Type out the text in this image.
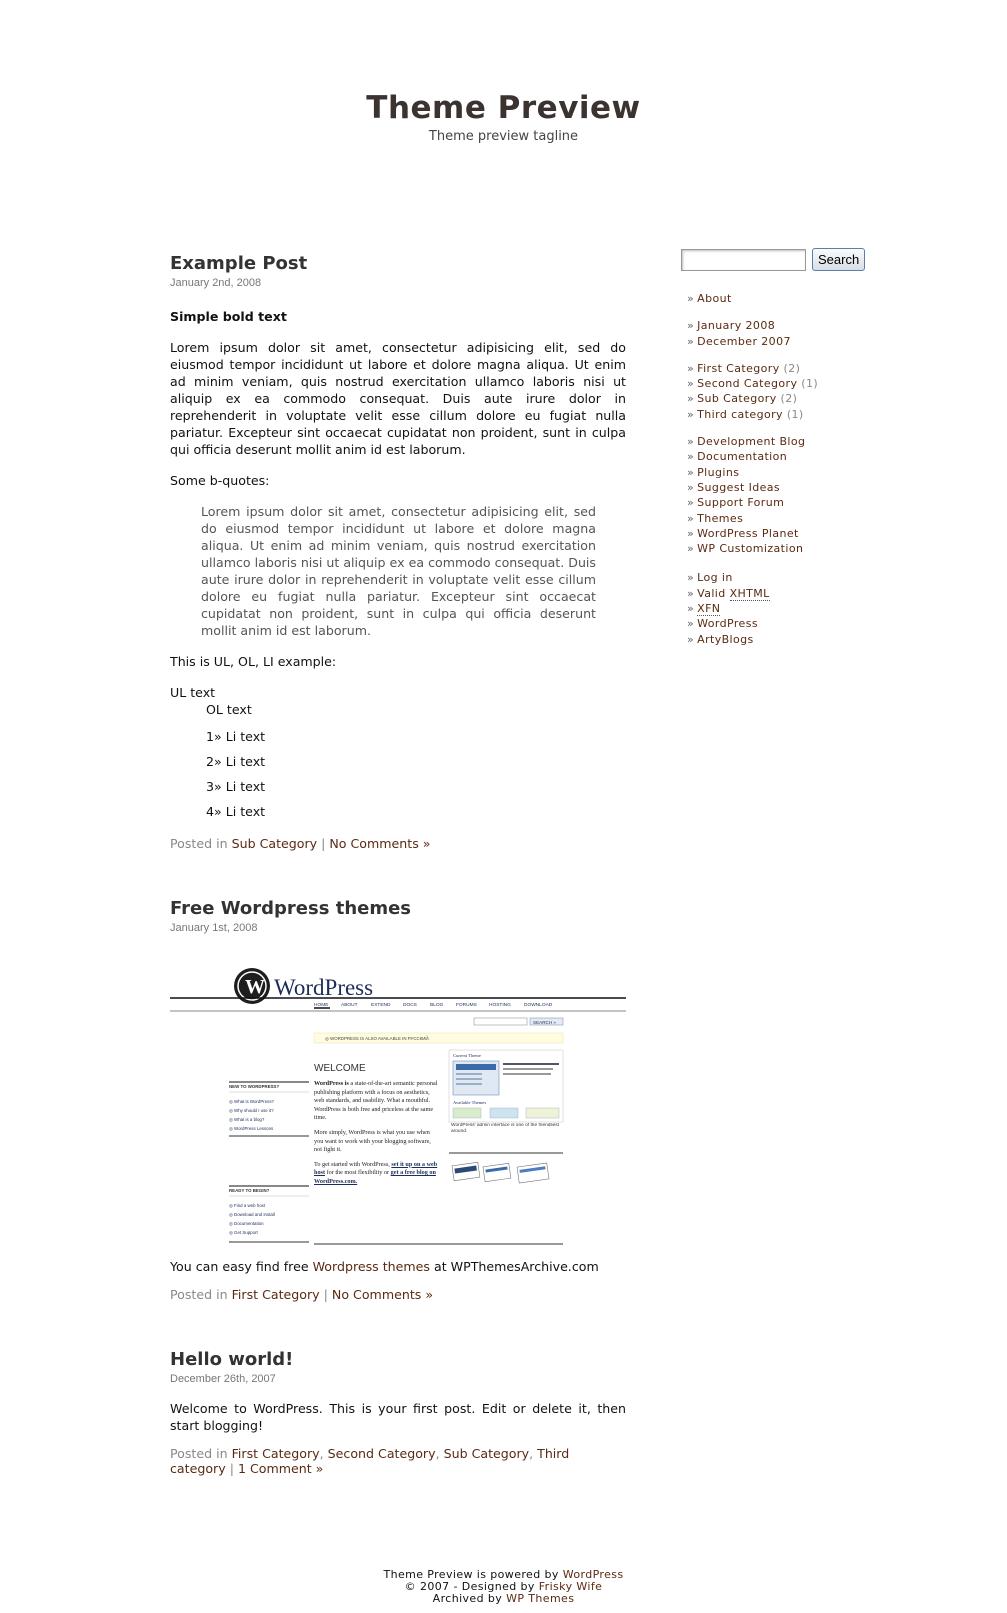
Theme Preview
Theme preview tagline
Example Post
January 2nd, 2008

Simple bold text

Lorem ipsum dolor sit amet, consectetur adipisicing elit, sed do eiusmod tempor incididunt ut labore et dolore magna aliqua. Ut enim ad minim veniam, quis nostrud exercitation ullamco laboris nisi ut aliquip ex ea commodo consequat. Duis aute irure dolor in reprehenderit in voluptate velit esse cillum dolore eu fugiat nulla pariatur. Excepteur sint occaecat cupidatat non proident, sunt in culpa qui officia deserunt mollit anim id est laborum.

Some b-quotes:

Lorem ipsum dolor sit amet, consectetur adipisicing elit, sed do eiusmod tempor incididunt ut labore et dolore magna aliqua. Ut enim ad minim veniam, quis nostrud exercitation ullamco laboris nisi ut aliquip ex ea commodo consequat. Duis aute irure dolor in reprehenderit in voluptate velit esse cillum dolore eu fugiat nulla pariatur. Excepteur sint occaecat cupidatat non proident, sunt in culpa qui officia deserunt mollit anim id est laborum.

This is UL, OL, LI example:

UL text
OL text
1» Li text
2» Li text
3» Li text
4» Li text
Posted in Sub Category | No Comments »
Free Wordpress themes
January 1st, 2008
W WordPress
HOME	ABOUT	EXTEND	DOCS	BLOG	FORUMS	HOSTING	DOWNLOAD
SEARCH »
◎ WORDPRESS IS ALSO AVAILABLE IN РУССКИЙ.
WELCOME
NEW TO WORDPRESS?
◎ What is WordPress?
◎ Why should I use it?
◎ What is a blog?
◎ WordPress Lessons
READY TO BEGIN?
◎ Find a web host
◎ Download and Install
◎ Documentation
◎ Get Support
WordPress is a state-of-the-art semantic personal publishing platform with a focus on aesthetics, web standards, and usability. What a mouthful. WordPress is both free and priceless at the same time.
More simply, WordPress is what you use when you want to work with your blogging software, not fight it.
To get started with WordPress, set it up on a web host for the most flexibility or get a free blog on WordPress.com.
Current Theme
Available Themes
WordPress' admin interface is one of the friendliest around.

You can easy find free Wordpress themes at WPThemesArchive.com

Posted in First Category | No Comments »
Hello world!
December 26th, 2007

Welcome to WordPress. This is your first post. Edit or delete it, then start blogging!

Posted in First Category, Second Category, Sub Category, Third category | 1 Comment »
Search
» About
» January 2008
» December 2007
» First Category (2)
» Second Category (1)
» Sub Category (2)
» Third category (1)
» Development Blog
» Documentation
» Plugins
» Suggest Ideas
» Support Forum
» Themes
» WordPress Planet
» WP Customization
» Log in
» Valid XHTML
» XFN
» WordPress
» ArtyBlogs
Theme Preview is powered by WordPress
© 2007 - Designed by Frisky Wife
Archived by WP Themes
